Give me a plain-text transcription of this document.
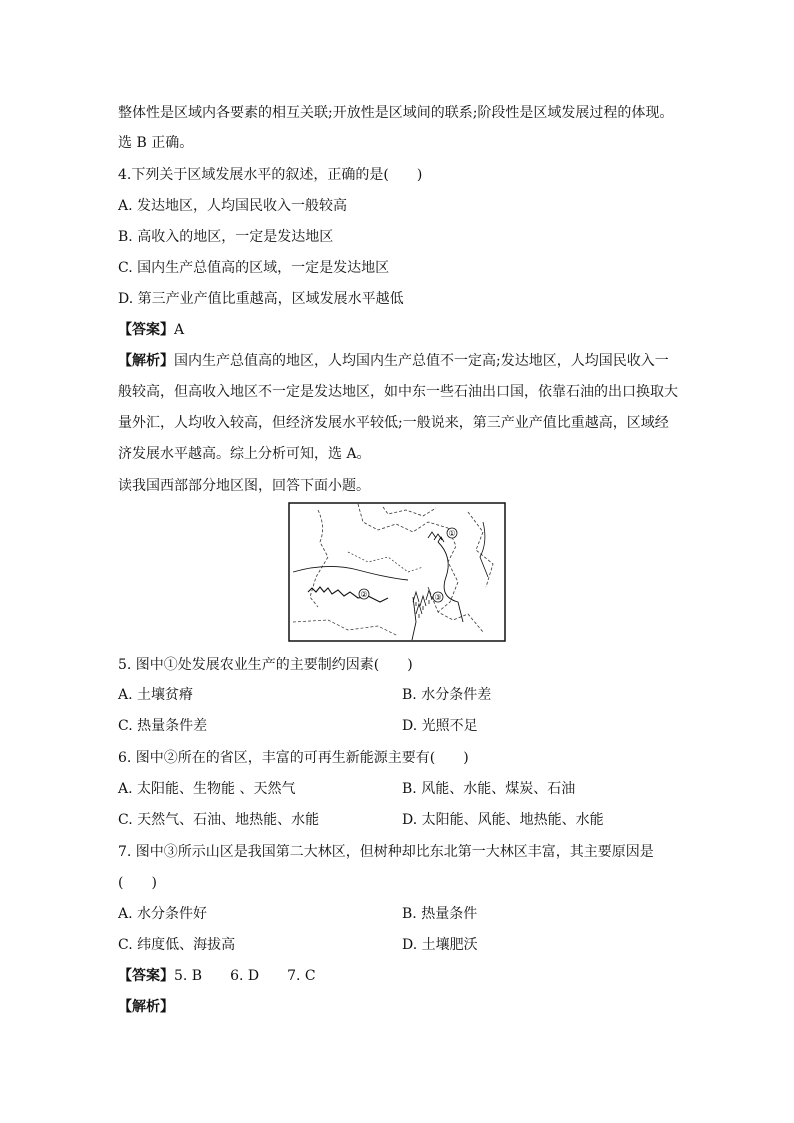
整体性是区域内各要素的相互关联;开放性是区域间的联系;阶段性是区域发展过程的体现。
选 B 正确。
4.下列关于区域发展水平的叙述，正确的是(　　)
A. 发达地区，人均国民收入一般较高
B. 高收入的地区，一定是发达地区
C. 国内生产总值高的区域，一定是发达地区
D. 第三产业产值比重越高，区域发展水平越低
【答案】A
【解析】国内生产总值高的地区，人均国内生产总值不一定高;发达地区，人均国民收入一
般较高，但高收入地区不一定是发达地区，如中东一些石油出口国，依靠石油的出口换取大
量外汇，人均收入较高，但经济发展水平较低;一般说来，第三产业产值比重越高，区域经
济发展水平越高。综上分析可知，选 A。
读我国西部部分地区图，回答下面小题。
①
②	③
5. 图中①处发展农业生产的主要制约因素(　　)
A. 土壤贫瘠	B. 水分条件差
C. 热量条件差	D. 光照不足
6. 图中②所在的省区，丰富的可再生新能源主要有(　　)
A. 太阳能、生物能 、天然气	B. 风能、水能、煤炭、石油
C. 天然气、石油、地热能、水能	D. 太阳能、风能、地热能、水能
7. 图中③所示山区是我国第二大林区，但树种却比东北第一大林区丰富，其主要原因是
(　　)
A. 水分条件好	B. 热量条件
C. 纬度低、海拔高	D. 土壤肥沃
【答案】5. B　　6. D　　7. C
【解析】
